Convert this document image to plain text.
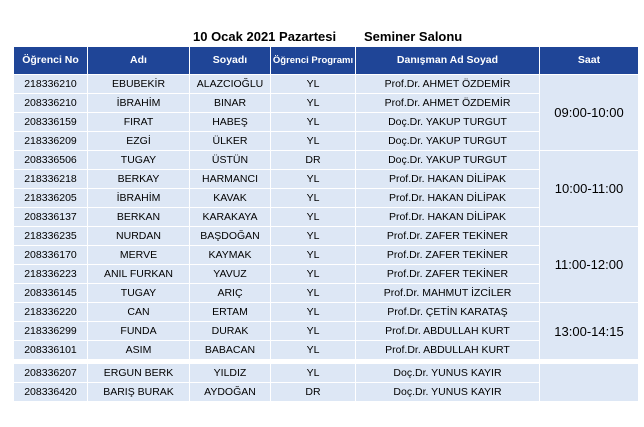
10 Ocak 2021 Pazartesi Seminer Salonu
Öğrenci No	Adı	Soyadı	Öğrenci Programı	Danışman Ad Soyad	Saat
218336210	EBUBEKİR	ALAZCIOĞLU	YL	Prof.Dr. AHMET ÖZDEMİR	09:00-10:00
208336210	İBRAHİM	BINAR	YL	Prof.Dr. AHMET ÖZDEMİR	
208336159	FIRAT	HABEŞ	YL	Doç.Dr. YAKUP TURGUT	
218336209	EZGİ	ÜLKER	YL	Doç.Dr. YAKUP TURGUT	
208336506	TUGAY	ÜSTÜN	DR	Doç.Dr. YAKUP TURGUT	10:00-11:00
218336218	BERKAY	HARMANCI	YL	Prof.Dr. HAKAN DİLİPAK	
218336205	İBRAHİM	KAVAK	YL	Prof.Dr. HAKAN DİLİPAK	
208336137	BERKAN	KARAKAYA	YL	Prof.Dr. HAKAN DİLİPAK	
218336235	NURDAN	BAŞDOĞAN	YL	Prof.Dr. ZAFER TEKİNER	11:00-12:00
208336170	MERVE	KAYMAK	YL	Prof.Dr. ZAFER TEKİNER	
218336223	ANIL FURKAN	YAVUZ	YL	Prof.Dr. ZAFER TEKİNER	
208336145	TUGAY	ARIÇ	YL	Prof.Dr. MAHMUT İZCİLER	
218336220	CAN	ERTAM	YL	Prof.Dr. ÇETİN KARATAŞ	13:00-14:15
218336299	FUNDA	DURAK	YL	Prof.Dr. ABDULLAH KURT	
208336101	ASIM	BABACAN	YL	Prof.Dr. ABDULLAH KURT	

208336207	ERGUN BERK	YILDIZ	YL	Doç.Dr. YUNUS KAYIR	
208336420	BARIŞ BURAK	AYDOĞAN	DR	Doç.Dr. YUNUS KAYIR	
